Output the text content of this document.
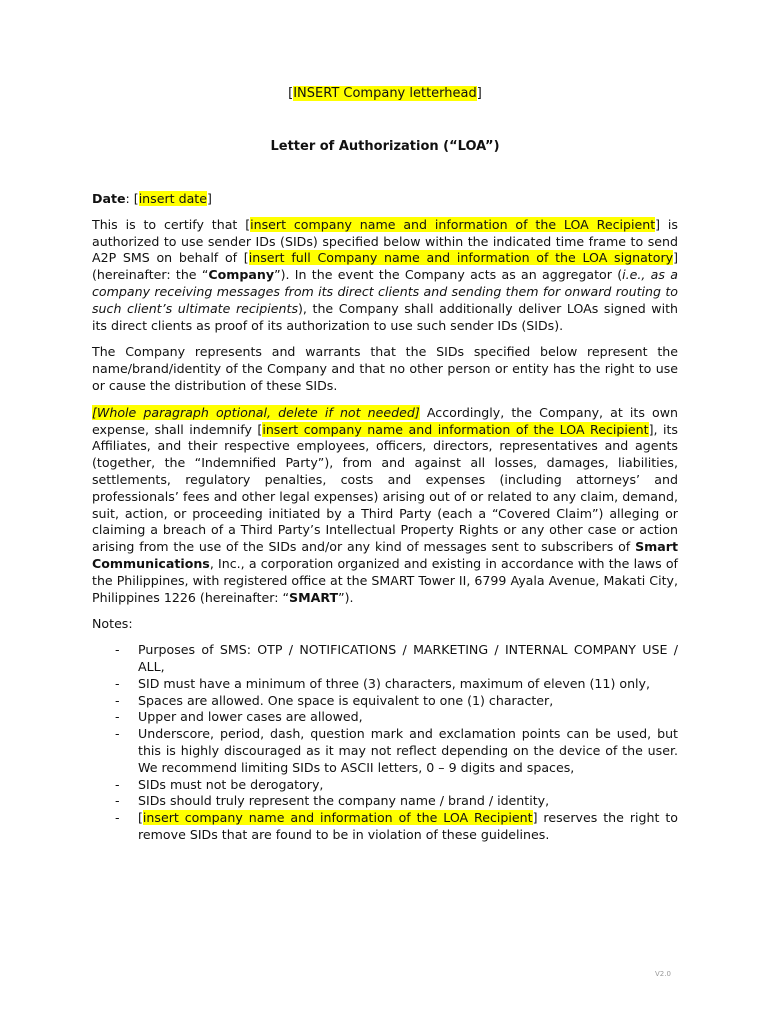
[INSERT Company letterhead]
Letter of Authorization (“LOA”)

Date: [insert date]

This is to certify that [insert company name and information of the LOA Recipient] is authorized to use sender IDs (SIDs) specified below within the indicated time frame to send A2P SMS on behalf of [insert full Company name and information of the LOA signatory] (hereinafter: the “Company”). In the event the Company acts as an aggregator (i.e., as a company receiving messages from its direct clients and sending them for onward routing to such client’s ultimate recipients), the Company shall additionally deliver LOAs signed with its direct clients as proof of its authorization to use such sender IDs (SIDs).

The Company represents and warrants that the SIDs specified below represent the name/brand/identity of the Company and that no other person or entity has the right to use or cause the distribution of these SIDs.

[Whole paragraph optional, delete if not needed] Accordingly, the Company, at its own expense, shall indemnify [insert company name and information of the LOA Recipient], its Affiliates, and their respective employees, officers, directors, representatives and agents (together, the “Indemnified Party”), from and against all losses, damages, liabilities, settlements, regulatory penalties, costs and expenses (including attorneys’ and professionals’ fees and other legal expenses) arising out of or related to any claim, demand, suit, action, or proceeding initiated by a Third Party (each a “Covered Claim”) alleging or claiming a breach of a Third Party’s Intellectual Property Rights or any other case or action arising from the use of the SIDs and/or any kind of messages sent to subscribers of Smart Communications, Inc., a corporation organized and existing in accordance with the laws of the Philippines, with registered office at the SMART Tower II, 6799 Ayala Avenue, Makati City, Philippines 1226 (hereinafter: “SMART”).

Notes:
- Purposes of SMS: OTP / NOTIFICATIONS / MARKETING / INTERNAL COMPANY USE / ALL,
- SID must have a minimum of three (3) characters, maximum of eleven (11) only,
- Spaces are allowed. One space is equivalent to one (1) character,
- Upper and lower cases are allowed,
- Underscore, period, dash, question mark and exclamation points can be used, but this is highly discouraged as it may not reflect depending on the device of the user. We recommend limiting SIDs to ASCII letters, 0 – 9 digits and spaces,
- SIDs must not be derogatory,
- SIDs should truly represent the company name / brand / identity,
- [insert company name and information of the LOA Recipient] reserves the right to remove SIDs that are found to be in violation of these guidelines.
V2.0
